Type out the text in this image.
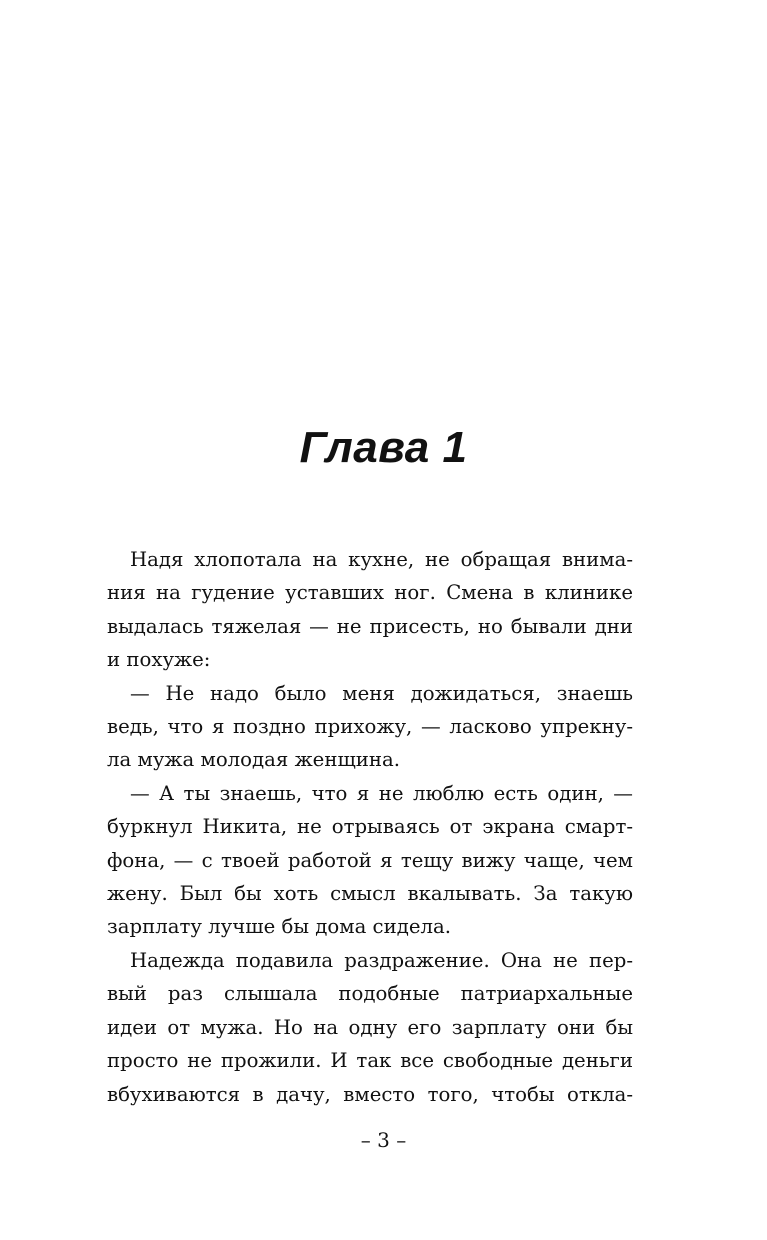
Глава 1
Надя хлопотала на кухне, не обращая внима-
ния на гудение уставших ног. Смена в клинике
выдалась тяжелая — не присесть, но бывали дни
и похуже:
— Не надо было меня дожидаться, знаешь
ведь, что я поздно прихожу, — ласково упрекну-
ла мужа молодая женщина.
— А ты знаешь, что я не люблю есть один, —
буркнул Никита, не отрываясь от экрана смарт-
фона, — с твоей работой я тещу вижу чаще, чем
жену. Был бы хоть смысл вкалывать. За такую
зарплату лучше бы дома сидела.
Надежда подавила раздражение. Она не пер-
вый раз слышала подобные патриархальные
идеи от мужа. Но на одну его зарплату они бы
просто не прожили. И так все свободные деньги
вбухиваются в дачу, вместо того, чтобы откла-
– 3 –
